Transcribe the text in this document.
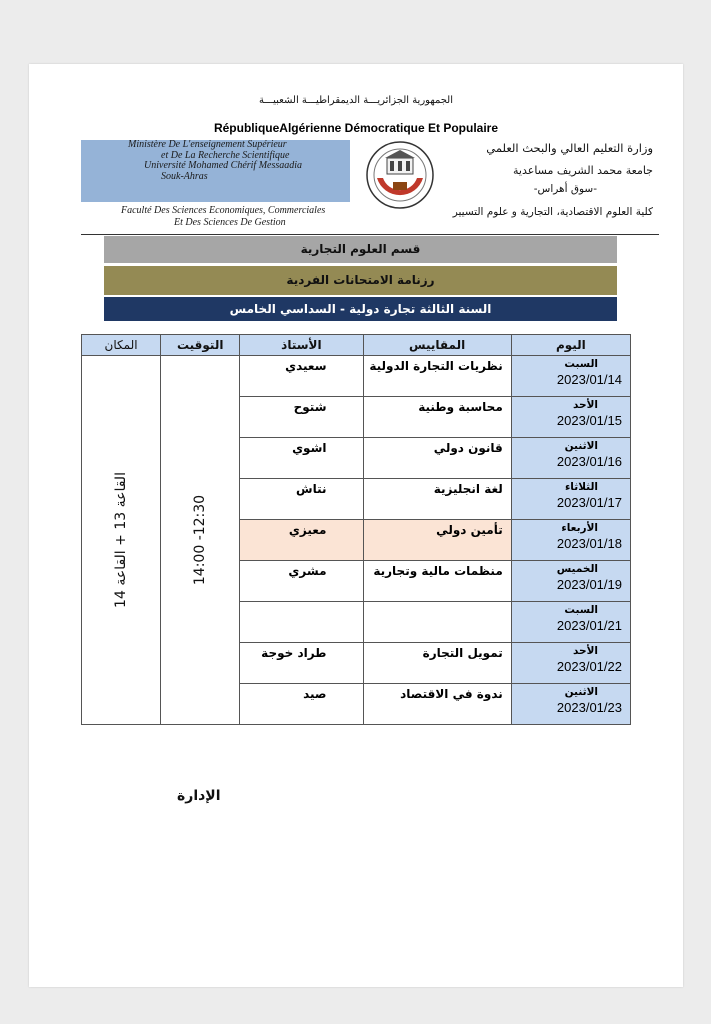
الجمهورية الجزائريـــة الديمقراطيـــة الشعبيـــة
RépubliqueAlgérienne Démocratique Et Populaire
Ministère De L'enseignement Supérieur
et De La Recherche Scientifique
Université Mohamed Chérif Messaadia
Souk-Ahras
Faculté Des Sciences Economiques, Commerciales
Et Des Sciences De Gestion
وزارة التعليم العالي والبحث العلمي
جامعة محمد الشريف مساعدية
-سوق أهراس-
كلية العلوم الاقتصادية، التجارية و علوم التسيير
قسم العلوم التجارية
رزنامة الامتحانات الفردية
السنة الثالثة تجارة دولية - السداسي الخامس
المكان	التوقيت	الأستاذ	المقاييس	اليوم

القاعة 13 + القاعة 14	14:00 -12:30	سعيدي	نظريات التجارة الدولية	السبت
2023/01/14

		شتوح	محاسبة وطنية	الأحد
2023/01/15

		اشوي	قانون دولي	الاثنين
2023/01/16

		نتاش	لغة انجليزية	الثلاثاء
2023/01/17

		معيزي	تأمين دولي	الأربعاء
2023/01/18

		مشري	منظمات مالية وتجارية	الخميس
2023/01/19

				السبت
2023/01/21

		طراد خوجة	تمويل التجارة	الأحد
2023/01/22

		صيد	ندوة في الاقتصاد	الاثنين
2023/01/23
الإدارة
